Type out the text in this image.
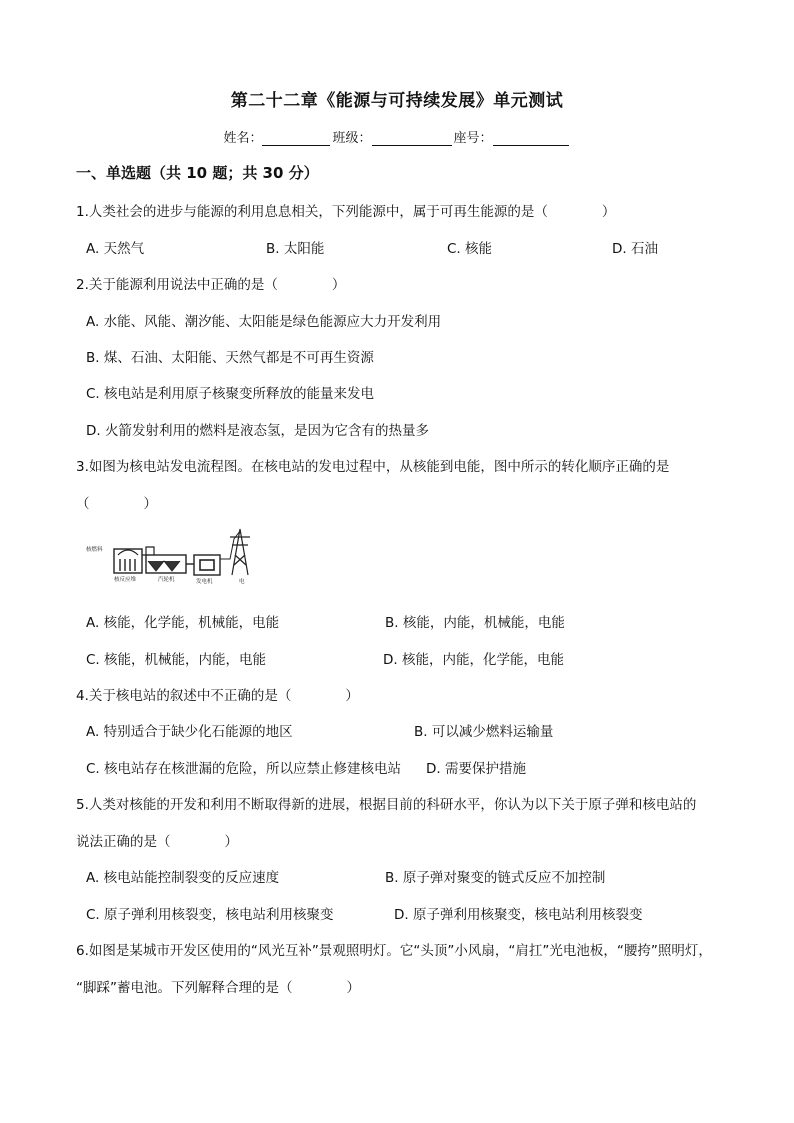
第二十二章《能源与可持续发展》单元测试
姓名：	班级：	座号：
一、单选题（共 10 题；共 30 分）
1.人类社会的进步与能源的利用息息相关，下列能源中，属于可再生能源的是（　　　　）
A. 天然气	B. 太阳能	C. 核能	D. 石油
2.关于能源利用说法中正确的是（　　　　）
A. 水能、风能、潮汐能、太阳能是绿色能源应大力开发利用
B. 煤、石油、太阳能、天然气都是不可再生资源
C. 核电站是利用原子核聚变所释放的能量来发电
D. 火箭发射利用的燃料是液态氢，是因为它含有的热量多
3.如图为核电站发电流程图。在核电站的发电过程中，从核能到电能，图中所示的转化顺序正确的是
（　　　　）
核燃料
核反应堆	汽轮机	发电机	电
A. 核能，化学能，机械能，电能	B. 核能，内能，机械能，电能
C. 核能，机械能，内能，电能	D. 核能，内能，化学能，电能
4.关于核电站的叙述中不正确的是（　　　　）
A. 特别适合于缺少化石能源的地区	B. 可以减少燃料运输量
C. 核电站存在核泄漏的危险，所以应禁止修建核电站 D. 需要保护措施
5.人类对核能的开发和利用不断取得新的进展，根据目前的科研水平，你认为以下关于原子弹和核电站的
说法正确的是（　　　　）
A. 核电站能控制裂变的反应速度	B. 原子弹对聚变的链式反应不加控制
C. 原子弹利用核裂变，核电站利用核聚变	D. 原子弹利用核聚变，核电站利用核裂变
6.如图是某城市开发区使用的“风光互补”景观照明灯。它“头顶”小风扇，“肩扛”光电池板，“腰挎”照明灯，
“脚踩”蓄电池。下列解释合理的是（　　　　）
